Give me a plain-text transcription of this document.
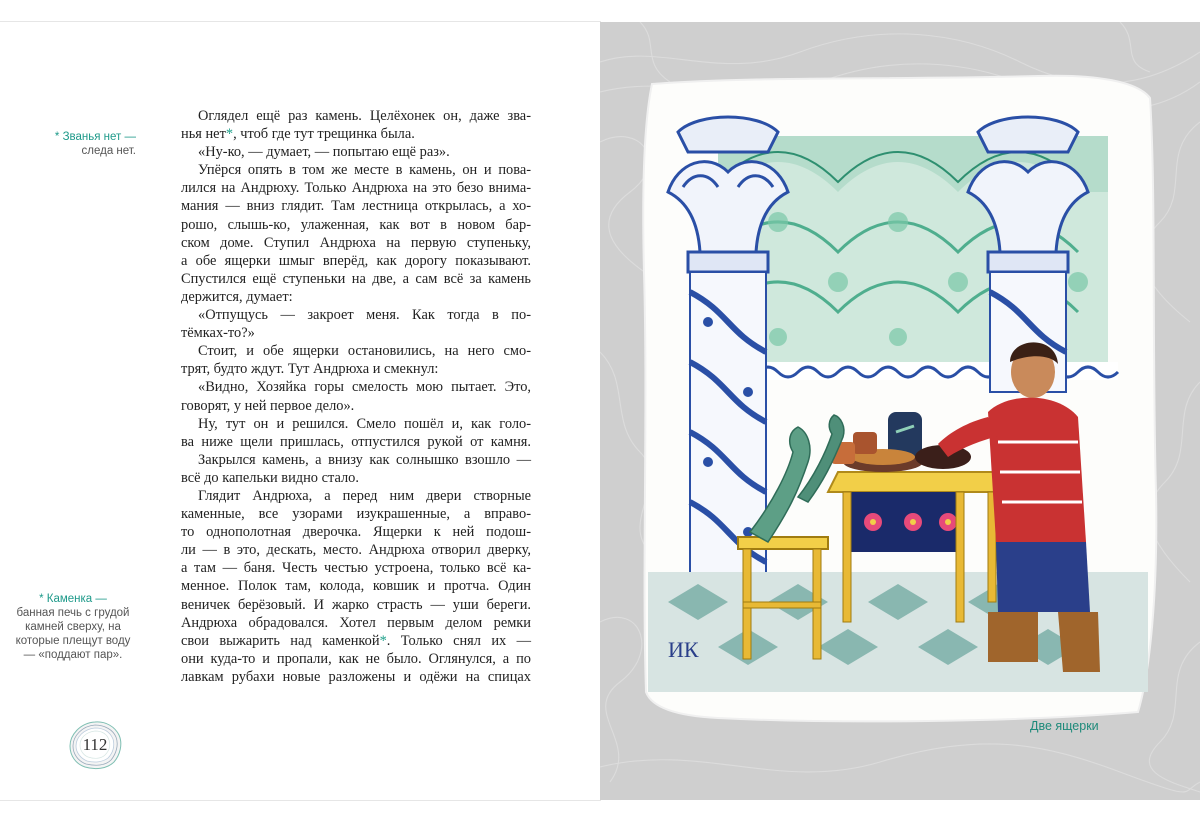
* Званья нет —
следа нет.
* Каменка —
банная печь с грудой камней сверху, на которые плещут воду — «поддают пар».
Оглядел ещё раз камень. Целёхонек он, даже зва-
нья нет*, чтоб где тут трещинка была.
«Ну-ко, — думает, — попытаю ещё раз».
Упёрся опять в том же месте в камень, он и пова-
лился на Андрюху. Только Андрюха на это безо внима-
мания — вниз глядит. Там лестница открылась, а хо-
рошо, слышь-ко, улаженная, как вот в новом бар-
ском доме. Ступил Андрюха на первую ступеньку,
а обе ящерки шмыг вперёд, как дорогу показывают.
Спустился ещё ступеньки на две, а сам всё за камень
держится, думает:
«Отпущусь — закроет меня. Как тогда в по-
тёмках-то?»
Стоит, и обе ящерки остановились, на него смо-
трят, будто ждут. Тут Андрюха и смекнул:
«Видно, Хозяйка горы смелость мою пытает. Это,
говорят, у ней первое дело».
Ну, тут он и решился. Смело пошёл и, как голо-
ва ниже щели пришлась, отпустился рукой от камня.
Закрылся камень, а внизу как солнышко взошло —
всё до капельки видно стало.
Глядит Андрюха, а перед ним двери створные
каменные, все узорами изукрашенные, а вправо-
то однополотная дверочка. Ящерки к ней подош-
ли — в это, дескать, место. Андрюха отворил дверку,
а там — баня. Честь честью устроена, только всё ка-
менное. Полок там, колода, ковшик и протча. Один
веничек берёзовый. И жарко страсть — уши береги.
Андрюха обрадовался. Хотел первым делом ремки
свои выжарить над каменкой*. Только снял их —
они куда-то и пропали, как не было. Оглянулся, а по
лавкам рубахи новые разложены и одёжи на спицах
112
ИК
Две ящерки
